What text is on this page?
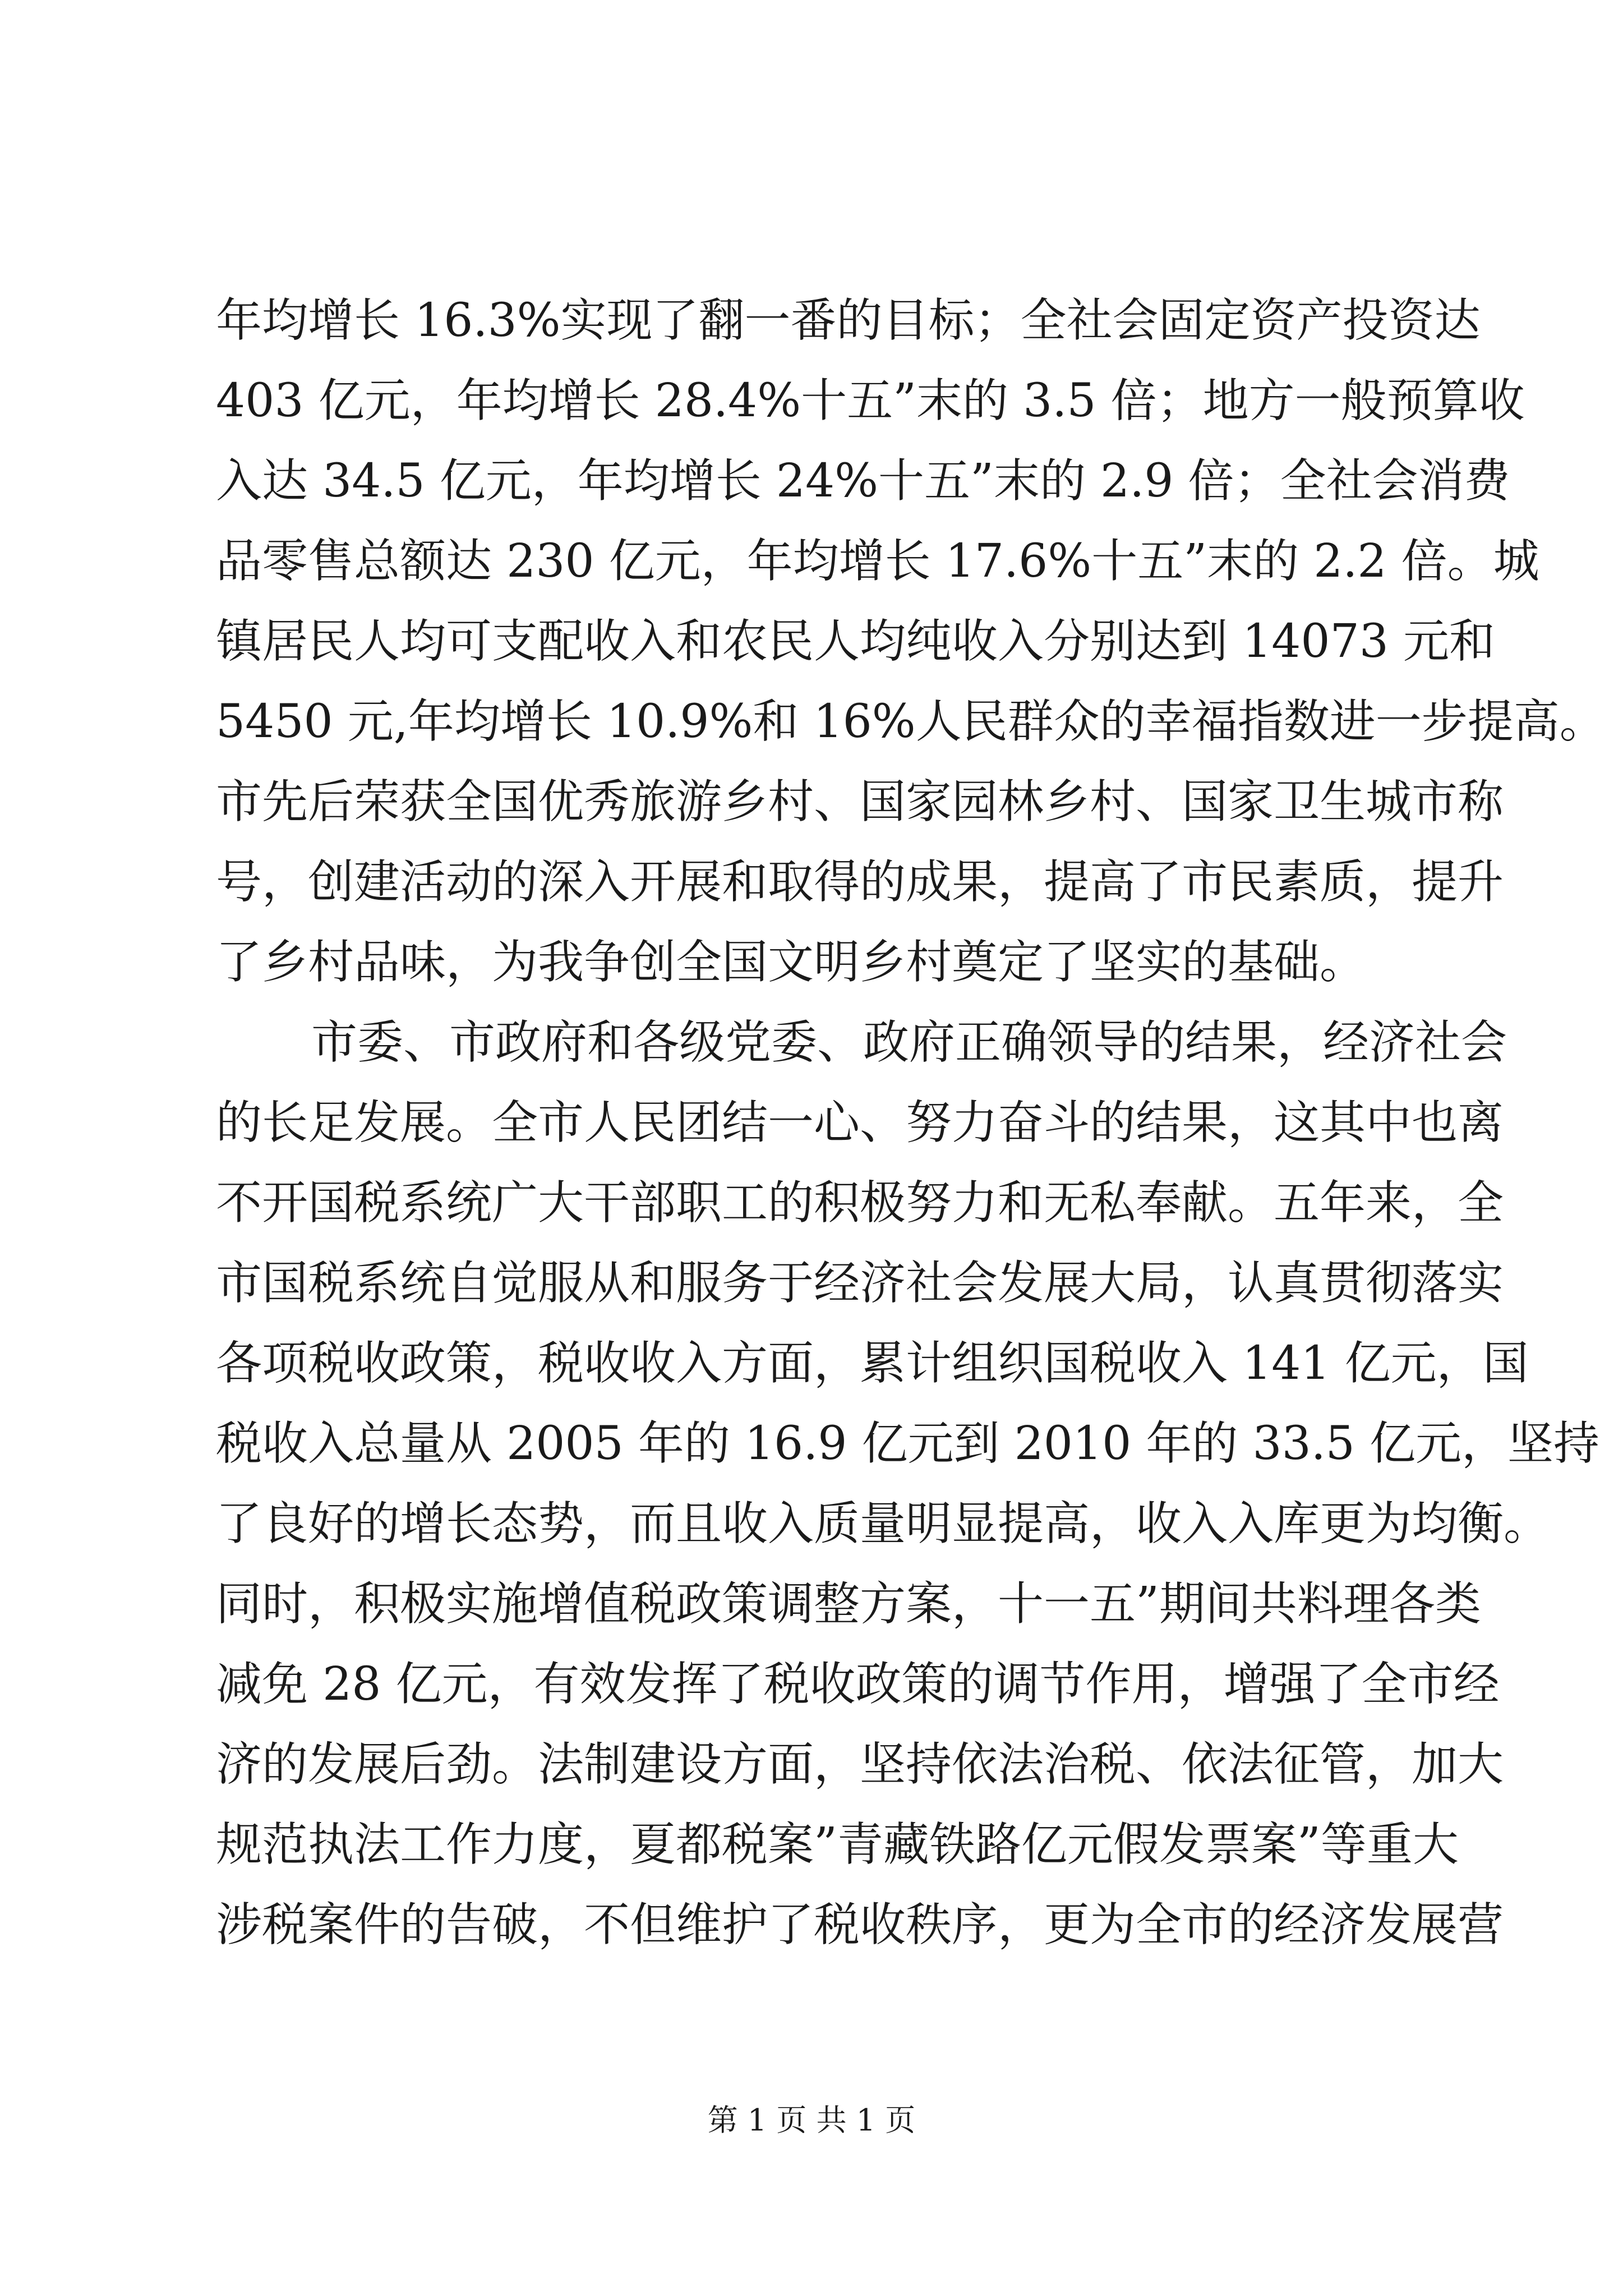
年均增长 16.3%实现了翻一番的目标；全社会固定资产投资达
403 亿元，年均增长 28.4%十五”末的 3.5 倍；地方一般预算收
入达 34.5 亿元，年均增长 24%十五”末的 2.9 倍；全社会消费
品零售总额达 230 亿元，年均增长 17.6%十五”末的 2.2 倍。城
镇居民人均可支配收入和农民人均纯收入分别达到 14073 元和
5450 元,年均增长 10.9%和 16%人民群众的幸福指数进一步提高。
市先后荣获全国优秀旅游乡村、国家园林乡村、国家卫生城市称
号，创建活动的深入开展和取得的成果，提高了市民素质，提升
了乡村品味，为我争创全国文明乡村奠定了坚实的基础。
市委、市政府和各级党委、政府正确领导的结果，经济社会
的长足发展。全市人民团结一心、努力奋斗的结果，这其中也离
不开国税系统广大干部职工的积极努力和无私奉献。五年来，全
市国税系统自觉服从和服务于经济社会发展大局，认真贯彻落实
各项税收政策，税收收入方面，累计组织国税收入 141 亿元，国
税收入总量从 2005 年的 16.9 亿元到 2010 年的 33.5 亿元，坚持
了良好的增长态势，而且收入质量明显提高，收入入库更为均衡。
同时，积极实施增值税政策调整方案，十一五”期间共料理各类
减免 28 亿元，有效发挥了税收政策的调节作用，增强了全市经
济的发展后劲。法制建设方面，坚持依法治税、依法征管，加大
规范执法工作力度，夏都税案”青藏铁路亿元假发票案”等重大
涉税案件的告破，不但维护了税收秩序，更为全市的经济发展营
第 1 页 共 1 页
